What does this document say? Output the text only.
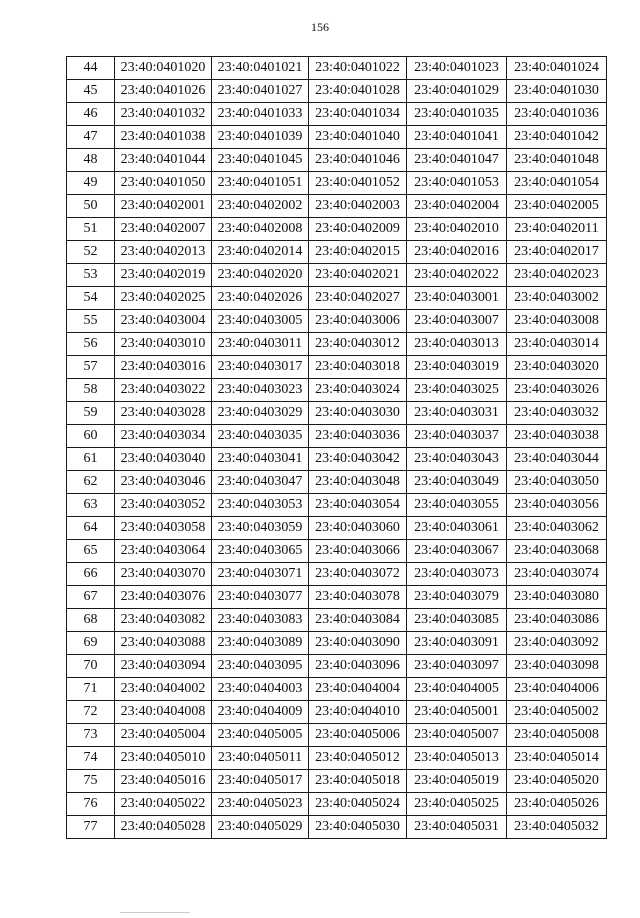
156
44	23:40:0401020	23:40:0401021	23:40:0401022	23:40:0401023	23:40:0401024
45	23:40:0401026	23:40:0401027	23:40:0401028	23:40:0401029	23:40:0401030
46	23:40:0401032	23:40:0401033	23:40:0401034	23:40:0401035	23:40:0401036
47	23:40:0401038	23:40:0401039	23:40:0401040	23:40:0401041	23:40:0401042
48	23:40:0401044	23:40:0401045	23:40:0401046	23:40:0401047	23:40:0401048
49	23:40:0401050	23:40:0401051	23:40:0401052	23:40:0401053	23:40:0401054
50	23:40:0402001	23:40:0402002	23:40:0402003	23:40:0402004	23:40:0402005
51	23:40:0402007	23:40:0402008	23:40:0402009	23:40:0402010	23:40:0402011
52	23:40:0402013	23:40:0402014	23:40:0402015	23:40:0402016	23:40:0402017
53	23:40:0402019	23:40:0402020	23:40:0402021	23:40:0402022	23:40:0402023
54	23:40:0402025	23:40:0402026	23:40:0402027	23:40:0403001	23:40:0403002
55	23:40:0403004	23:40:0403005	23:40:0403006	23:40:0403007	23:40:0403008
56	23:40:0403010	23:40:0403011	23:40:0403012	23:40:0403013	23:40:0403014
57	23:40:0403016	23:40:0403017	23:40:0403018	23:40:0403019	23:40:0403020
58	23:40:0403022	23:40:0403023	23:40:0403024	23:40:0403025	23:40:0403026
59	23:40:0403028	23:40:0403029	23:40:0403030	23:40:0403031	23:40:0403032
60	23:40:0403034	23:40:0403035	23:40:0403036	23:40:0403037	23:40:0403038
61	23:40:0403040	23:40:0403041	23:40:0403042	23:40:0403043	23:40:0403044
62	23:40:0403046	23:40:0403047	23:40:0403048	23:40:0403049	23:40:0403050
63	23:40:0403052	23:40:0403053	23:40:0403054	23:40:0403055	23:40:0403056
64	23:40:0403058	23:40:0403059	23:40:0403060	23:40:0403061	23:40:0403062
65	23:40:0403064	23:40:0403065	23:40:0403066	23:40:0403067	23:40:0403068
66	23:40:0403070	23:40:0403071	23:40:0403072	23:40:0403073	23:40:0403074
67	23:40:0403076	23:40:0403077	23:40:0403078	23:40:0403079	23:40:0403080
68	23:40:0403082	23:40:0403083	23:40:0403084	23:40:0403085	23:40:0403086
69	23:40:0403088	23:40:0403089	23:40:0403090	23:40:0403091	23:40:0403092
70	23:40:0403094	23:40:0403095	23:40:0403096	23:40:0403097	23:40:0403098
71	23:40:0404002	23:40:0404003	23:40:0404004	23:40:0404005	23:40:0404006
72	23:40:0404008	23:40:0404009	23:40:0404010	23:40:0405001	23:40:0405002
73	23:40:0405004	23:40:0405005	23:40:0405006	23:40:0405007	23:40:0405008
74	23:40:0405010	23:40:0405011	23:40:0405012	23:40:0405013	23:40:0405014
75	23:40:0405016	23:40:0405017	23:40:0405018	23:40:0405019	23:40:0405020
76	23:40:0405022	23:40:0405023	23:40:0405024	23:40:0405025	23:40:0405026
77	23:40:0405028	23:40:0405029	23:40:0405030	23:40:0405031	23:40:0405032
